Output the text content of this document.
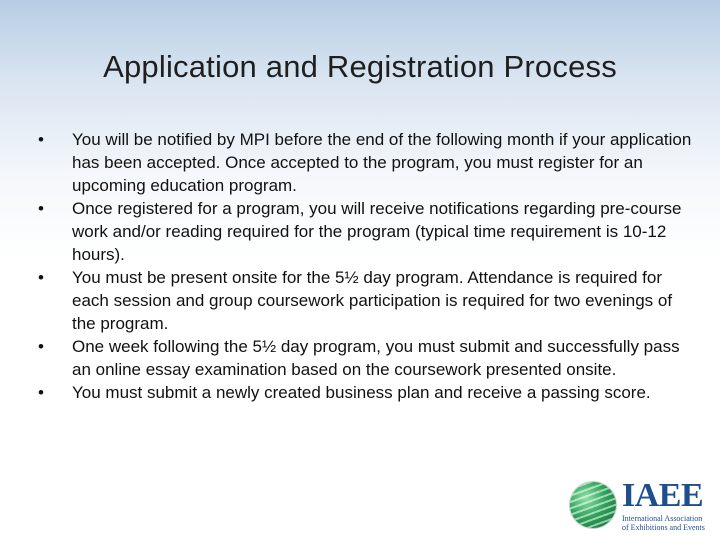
Application and Registration Process
•	You will be notified by MPI before the end of the following month if your application has been accepted. Once accepted to the program, you must register for an upcoming education program.
•	Once registered for a program, you will receive notifications regarding pre-course work and/or reading required for the program (typical time requirement is 10-12 hours).
•	You must be present onsite for the 5½ day program. Attendance is required for each session and group coursework participation is required for two evenings of the program.
•	One week following the 5½ day program, you must submit and successfully pass an online essay examination based on the coursework presented onsite.
•	You must submit a newly created business plan and receive a passing score.
IAEE
International Association
of Exhibitions and Events
